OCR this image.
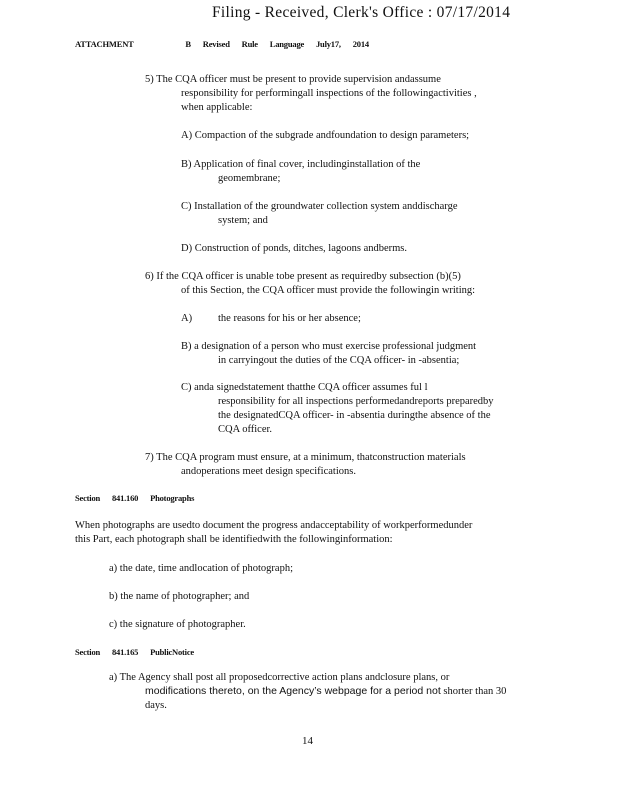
Filing - Received, Clerk's Office : 07/17/2014
ATTACHMENT	B Revised Rule Language July17, 2014
5) The CQA officer must be present to provide supervision andassume
responsibility for performingall inspections of the followingactivities ,
when applicable:
A) Compaction of the subgrade andfoundation to design parameters;
B) Application of final cover, includinginstallation of the
geomembrane;
C) Installation of the groundwater collection system anddischarge
system; and
D) Construction of ponds, ditches, lagoons andberms.
6) If the CQA officer is unable tobe present as requiredby subsection (b)(5)
of this Section, the CQA officer must provide the followingin writing:
A) the reasons for his or her absence;
B) a designation of a person who must exercise professional judgment
in carryingout the duties of the CQA officer- in -absentia;
C) anda signedstatement thatthe CQA officer assumes ful l
responsibility for all inspections performedandreports preparedby
the designatedCQA officer- in -absentia duringthe absence of the
CQA officer.
7) The CQA program must ensure, at a minimum, thatconstruction materials
andoperations meet design specifications.
Section 841.160 Photographs
When photographs are usedto document the progress andacceptability of workperformedunder
this Part, each photograph shall be identifiedwith the followinginformation:
a) the date, time andlocation of photograph;
b) the name of photographer; and
c) the signature of photographer.
Section 841.165 PublicNotice
a) The Agency shall post all proposedcorrective action plans andclosure plans, or
modifications thereto, on the Agency’s webpage for a period not shorter than 30
days.
14
